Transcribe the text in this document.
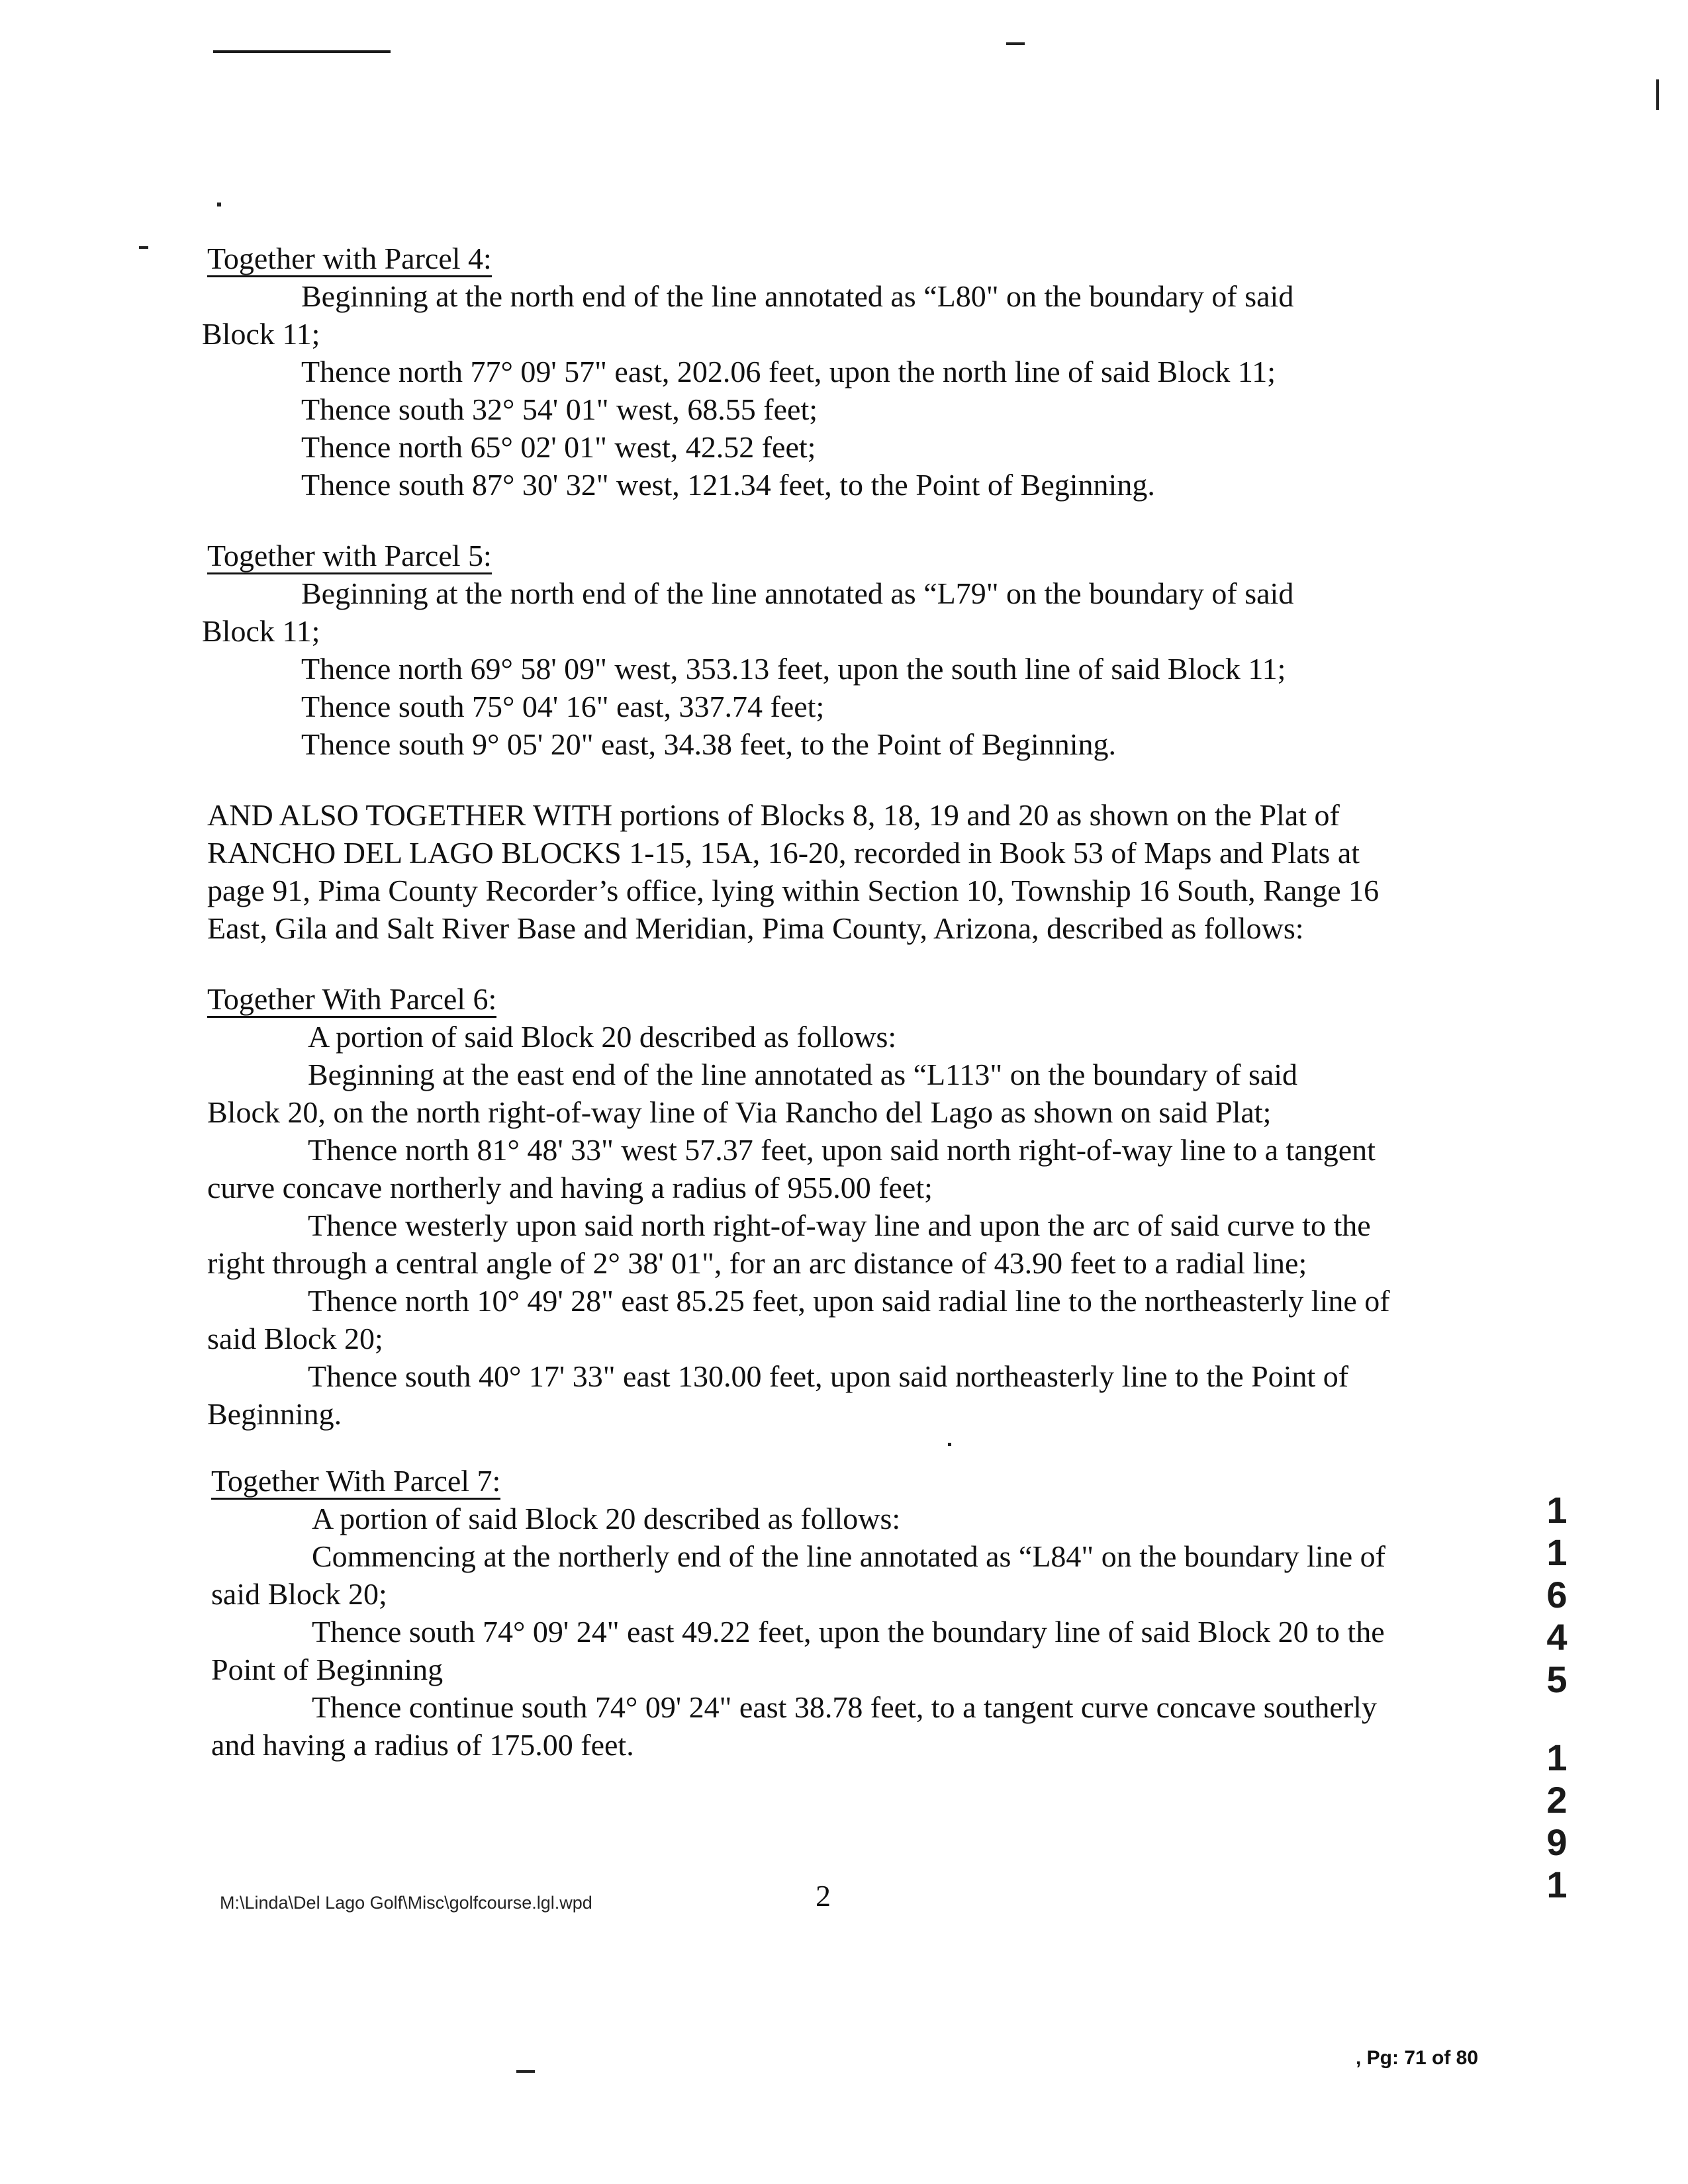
Together with Parcel 4:
Beginning at the north end of the line annotated as “L80" on the boundary of said
Block 11;
Thence north 77° 09' 57" east, 202.06 feet, upon the north line of said Block 11;
Thence south 32° 54' 01" west, 68.55 feet;
Thence north 65° 02' 01" west, 42.52 feet;
Thence south 87° 30' 32" west, 121.34 feet, to the Point of Beginning.
Together with Parcel 5:
Beginning at the north end of the line annotated as “L79" on the boundary of said
Block 11;
Thence north 69° 58' 09" west, 353.13 feet, upon the south line of said Block 11;
Thence south 75° 04' 16" east, 337.74 feet;
Thence south 9° 05' 20" east, 34.38 feet, to the Point of Beginning.
AND ALSO TOGETHER WITH portions of Blocks 8, 18, 19 and 20 as shown on the Plat of
RANCHO DEL LAGO BLOCKS 1-15, 15A, 16-20, recorded in Book 53 of Maps and Plats at
page 91, Pima County Recorder’s office, lying within Section 10, Township 16 South, Range 16
East, Gila and Salt River Base and Meridian, Pima County, Arizona, described as follows:
Together With Parcel 6:
A portion of said Block 20 described as follows:
Beginning at the east end of the line annotated as “L113" on the boundary of said
Block 20, on the north right-of-way line of Via Rancho del Lago as shown on said Plat;
Thence north 81° 48' 33" west 57.37 feet, upon said north right-of-way line to a tangent
curve concave northerly and having a radius of 955.00 feet;
Thence westerly upon said north right-of-way line and upon the arc of said curve to the
right through a central angle of 2° 38' 01", for an arc distance of 43.90 feet to a radial line;
Thence north 10° 49' 28" east 85.25 feet, upon said radial line to the northeasterly line of
said Block 20;
Thence south 40° 17' 33" east 130.00 feet, upon said northeasterly line to the Point of
Beginning.
Together With Parcel 7:
A portion of said Block 20 described as follows:
Commencing at the northerly end of the line annotated as “L84" on the boundary line of
said Block 20;
Thence south 74° 09' 24" east 49.22 feet, upon the boundary line of said Block 20 to the
Point of Beginning
Thence continue south 74° 09' 24" east 38.78 feet, to a tangent curve concave southerly
and having a radius of 175.00 feet.
1
1
6
4
5
1
2
9
1
M:\Linda\Del Lago Golf\Misc\golfcourse.lgl.wpd	2
, Pg: 71 of 80
